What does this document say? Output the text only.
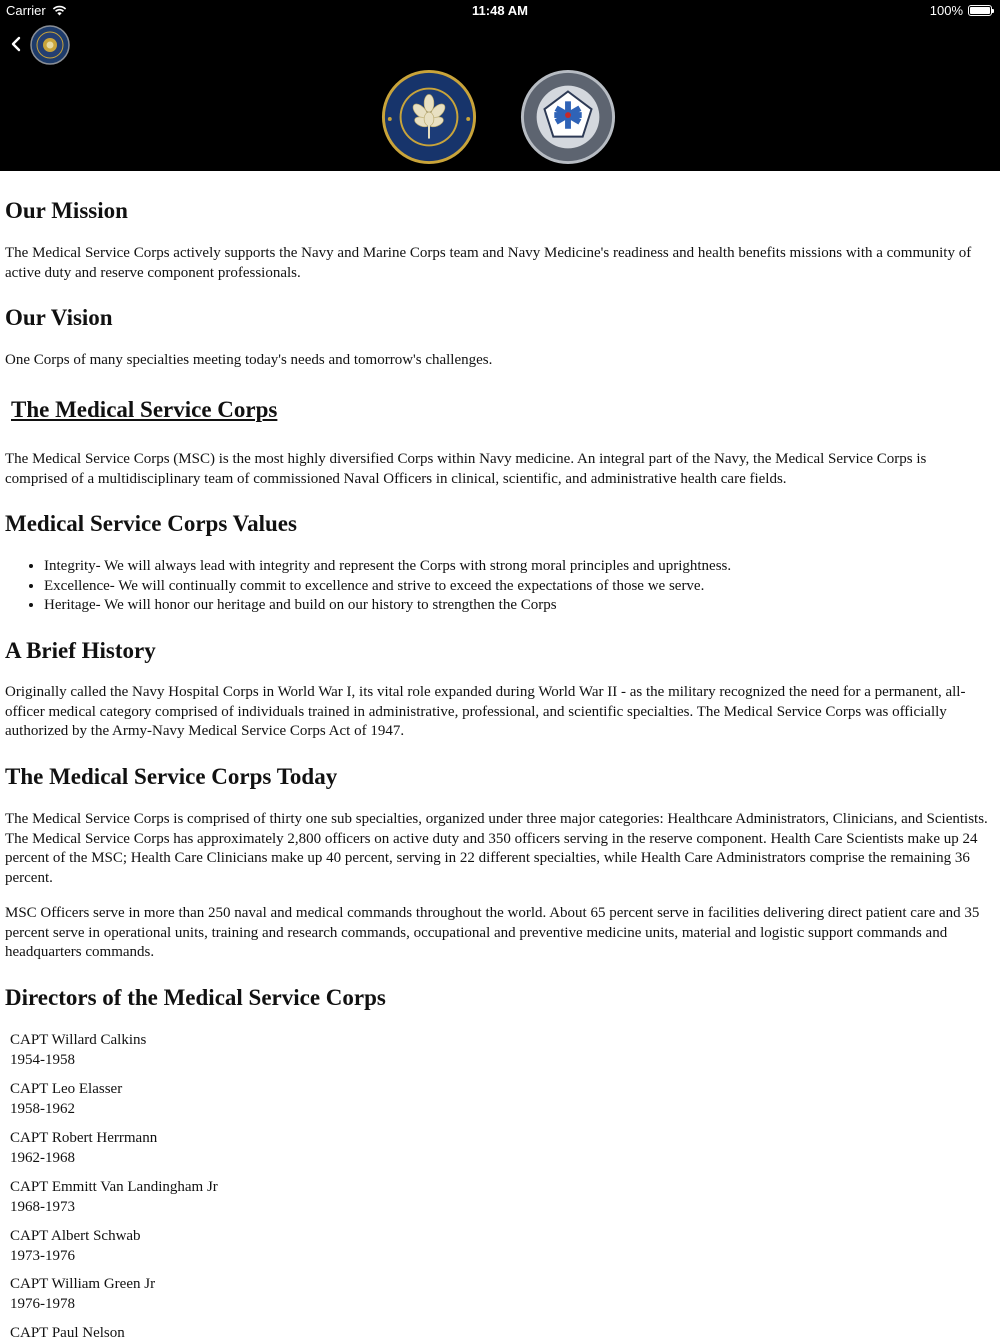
Carrier	11:48 AM	100%
Our Mission

The Medical Service Corps actively supports the Navy and Marine Corps team and Navy Medicine's readiness and health benefits missions with a community of active duty and reserve component professionals.

Our Vision

One Corps of many specialties meeting today's needs and tomorrow's challenges.

The Medical Service Corps

The Medical Service Corps (MSC) is the most highly diversified Corps within Navy medicine. An integral part of the Navy, the Medical Service Corps is comprised of a multidisciplinary team of commissioned Naval Officers in clinical, scientific, and administrative health care fields.

Medical Service Corps Values
• Integrity- We will always lead with integrity and represent the Corps with strong moral principles and uprightness.
• Excellence- We will continually commit to excellence and strive to exceed the expectations of those we serve.
• Heritage- We will honor our heritage and build on our history to strengthen the Corps
A Brief History

Originally called the Navy Hospital Corps in World War I, its vital role expanded during World War II - as the military recognized the need for a permanent, all-officer medical category comprised of individuals trained in administrative, professional, and scientific specialties. The Medical Service Corps was officially authorized by the Army-Navy Medical Service Corps Act of 1947.

The Medical Service Corps Today

The Medical Service Corps is comprised of thirty one sub specialties, organized under three major categories: Healthcare Administrators, Clinicians, and Scientists. The Medical Service Corps has approximately 2,800 officers on active duty and 350 officers serving in the reserve component. Health Care Scientists make up 24 percent of the MSC; Health Care Clinicians make up 40 percent, serving in 22 different specialties, while Health Care Administrators comprise the remaining 36 percent.

MSC Officers serve in more than 250 naval and medical commands throughout the world. About 65 percent serve in facilities delivering direct patient care and 35 percent serve in operational units, training and research commands, occupational and preventive medicine units, material and logistic support commands and headquarters commands.

Directors of the Medical Service Corps
CAPT Willard Calkins
1954-1958
CAPT Leo Elasser
1958-1962
CAPT Robert Herrmann
1962-1968
CAPT Emmitt Van Landingham Jr
1968-1973
CAPT Albert Schwab
1973-1976
CAPT William Green Jr
1976-1978
CAPT Paul Nelson
